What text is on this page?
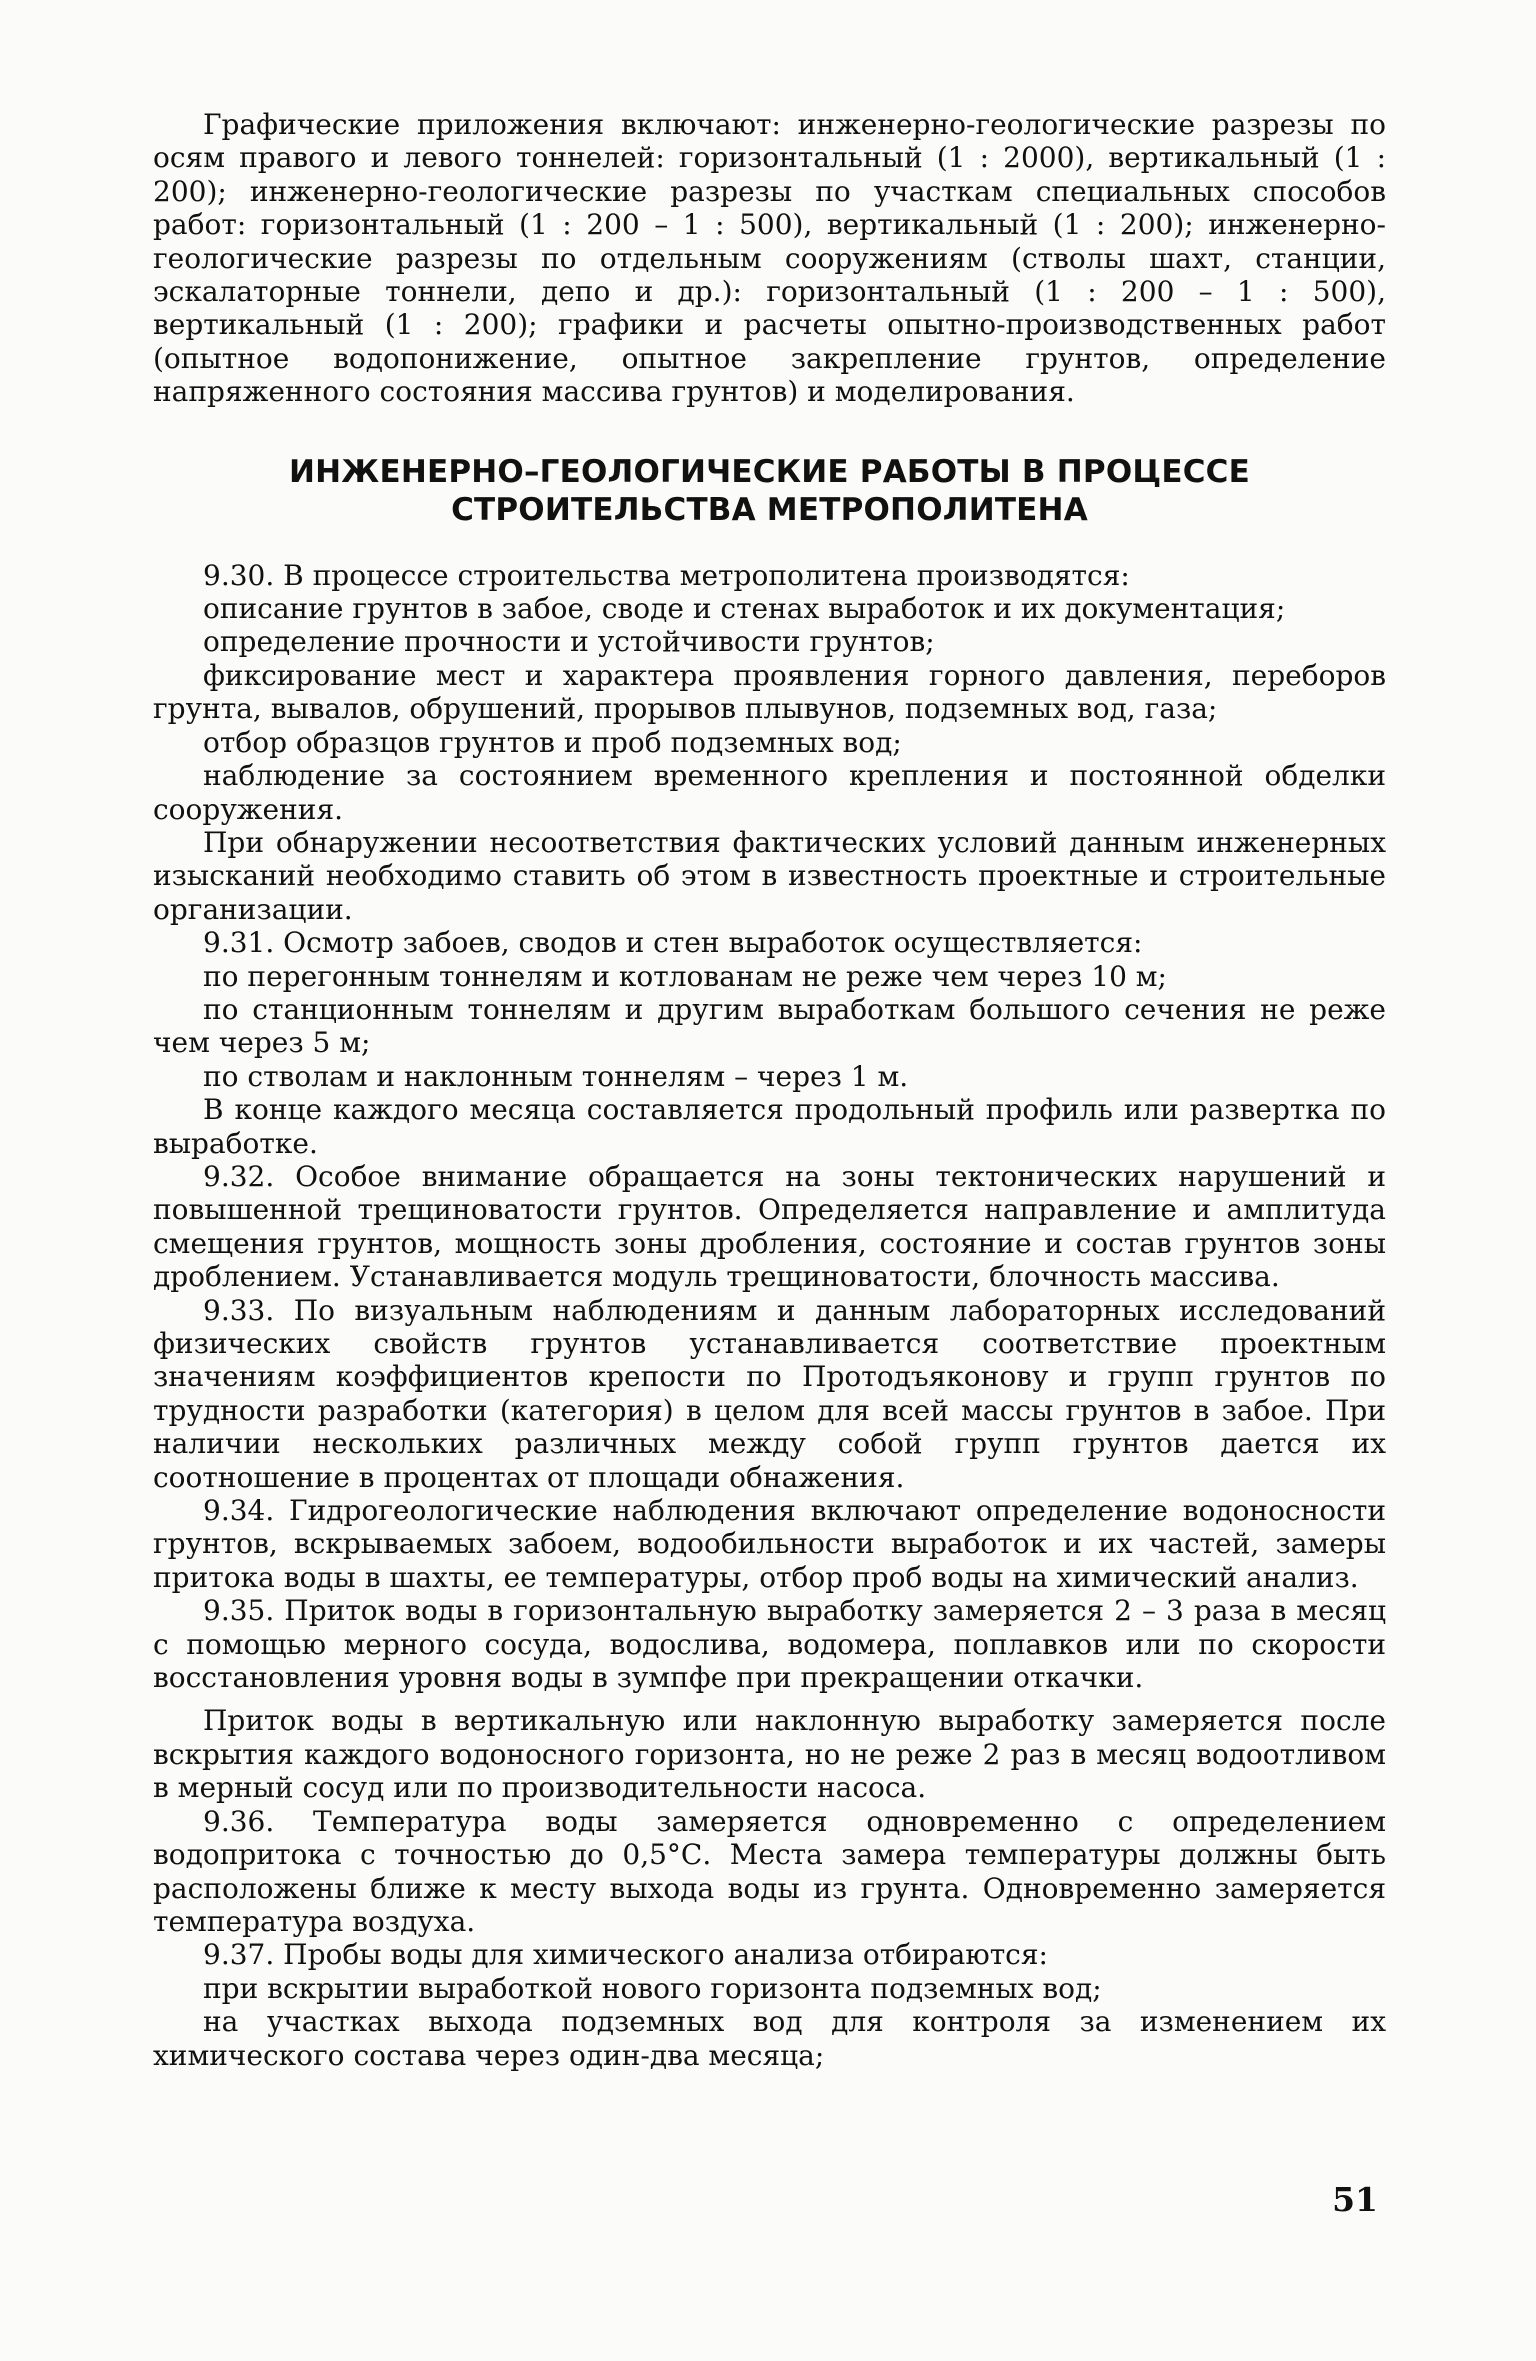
Графические приложения включают: инженерно-геологические разрезы по осям правого и левого тоннелей: горизонтальный (1 : 2000), вертикальный (1 : 200); инженерно-геологические разрезы по участкам специальных способов работ: горизонтальный (1 : 200 – 1 : 500), вертикальный (1 : 200); инженерно-геологические разрезы по отдельным сооружениям (стволы шахт, станции, эскалаторные тоннели, депо и др.): горизонтальный (1 : 200 – 1 : 500), вертикальный (1 : 200); графики и расчеты опытно-производственных работ (опытное водопонижение, опытное закрепление грунтов, определение напряженного состояния массива грунтов) и моделирования.

ИНЖЕНЕРНО–ГЕОЛОГИЧЕСКИЕ РАБОТЫ В ПРОЦЕССЕ
СТРОИТЕЛЬСТВА МЕТРОПОЛИТЕНА

9.30. В процессе строительства метрополитена производятся:

описание грунтов в забое, своде и стенах выработок и их документация;

определение прочности и устойчивости грунтов;

фиксирование мест и характера проявления горного давления, переборов грунта, вывалов, обрушений, прорывов плывунов, подземных вод, газа;

отбор образцов грунтов и проб подземных вод;

наблюдение за состоянием временного крепления и постоянной обделки сооружения.

При обнаружении несоответствия фактических условий данным инженерных изысканий необходимо ставить об этом в известность проектные и строительные организации.

9.31. Осмотр забоев, сводов и стен выработок осуществляется:

по перегонным тоннелям и котлованам не реже чем через 10 м;

по станционным тоннелям и другим выработкам большого сечения не реже чем через 5 м;

по стволам и наклонным тоннелям – через 1 м.

В конце каждого месяца составляется продольный профиль или развертка по выработке.

9.32. Особое внимание обращается на зоны тектонических нарушений и повышенной трещиноватости грунтов. Определяется направление и амплитуда смещения грунтов, мощность зоны дробления, состояние и состав грунтов зоны дроблением. Устанавливается модуль трещиноватости, блочность массива.

9.33. По визуальным наблюдениям и данным лабораторных исследований физических свойств грунтов устанавливается соответствие проектным значениям коэффициентов крепости по Протодъяконову и групп грунтов по трудности разработки (категория) в целом для всей массы грунтов в забое. При наличии нескольких различных между собой групп грунтов дается их соотношение в процентах от площади обнажения.

9.34. Гидрогеологические наблюдения включают определение водоносности грунтов, вскрываемых забоем, водообильности выработок и их частей, замеры притока воды в шахты, ее температуры, отбор проб воды на химический анализ.

9.35. Приток воды в горизонтальную выработку замеряется 2 – 3 раза в месяц с помощью мерного сосуда, водослива, водомера, поплавков или по скорости восстановления уровня воды в зумпфе при прекращении откачки.

Приток воды в вертикальную или наклонную выработку замеряется после вскрытия каждого водоносного горизонта, но не реже 2 раз в месяц водоотливом в мерный сосуд или по производительности насоса.

9.36. Температура воды замеряется одновременно с определением водопритока с точностью до 0,5°С. Места замера температуры должны быть расположены ближе к месту выхода воды из грунта. Одновременно замеряется температура воздуха.

9.37. Пробы воды для химического анализа отбираются:

при вскрытии выработкой нового горизонта подземных вод;

на участках выхода подземных вод для контроля за изменением их химического состава через один-два месяца;

51
